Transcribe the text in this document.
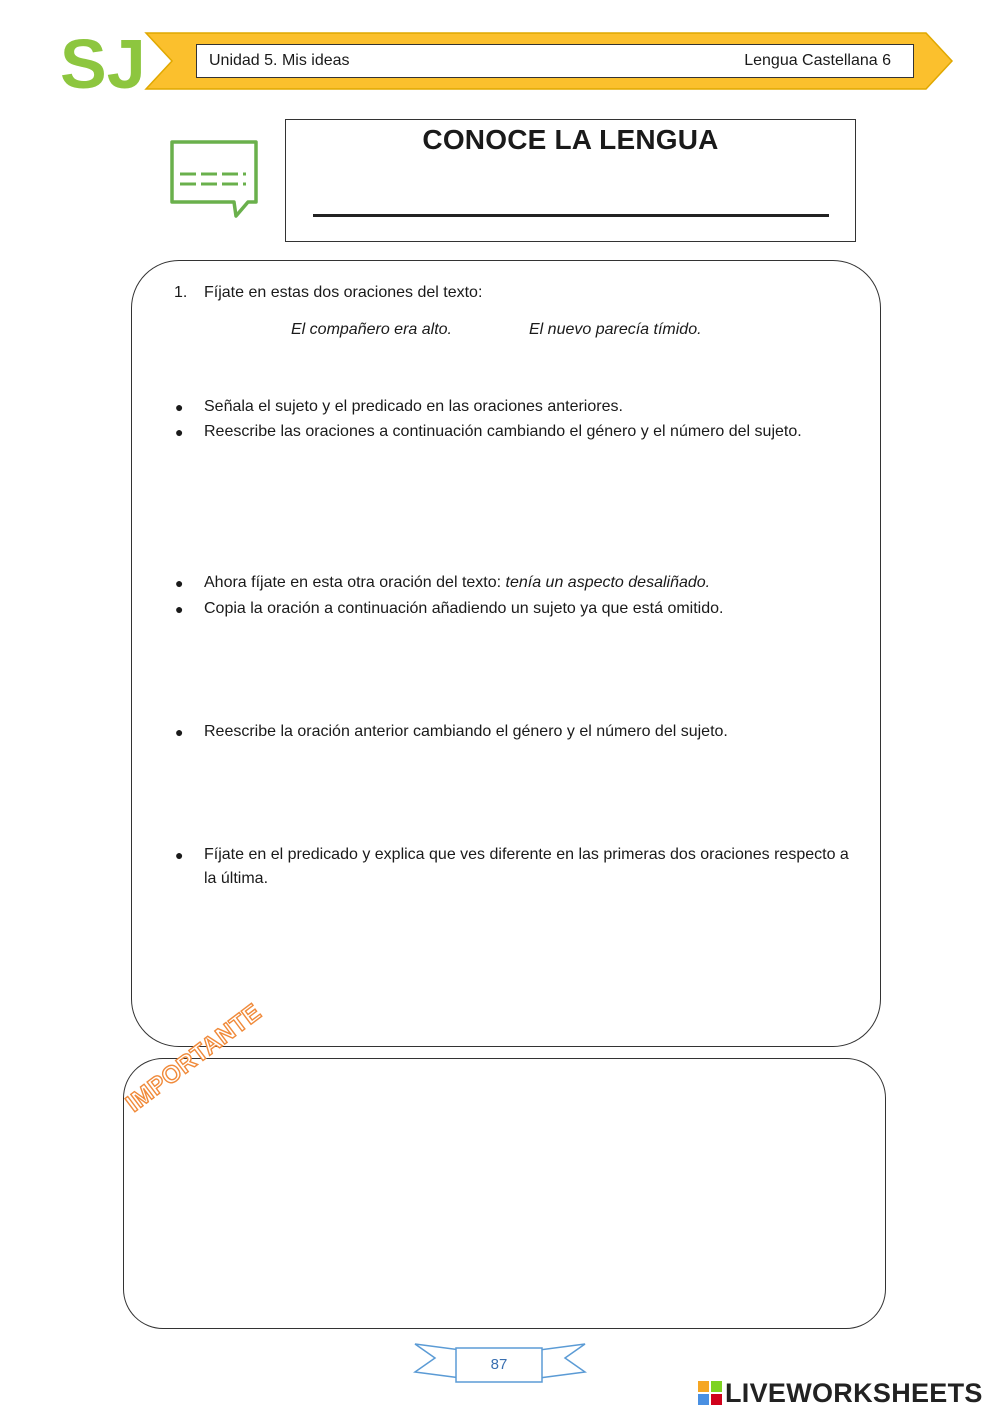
SJ	Unidad 5. Mis ideas	Lengua Castellana 6
CONOCE LA LENGUA
1. Fíjate en estas dos oraciones del texto:
El compañero era alto.	El nuevo parecía tímido.
● Señala el sujeto y el predicado en las oraciones anteriores.
● Reescribe las oraciones a continuación cambiando el género y el número del sujeto.
● Ahora fíjate en esta otra oración del texto: tenía un aspecto desaliñado.
● Copia la oración a continuación añadiendo un sujeto ya que está omitido.
● Reescribe la oración anterior cambiando el género y el número del sujeto.
● Fíjate en el predicado y explica que ves diferente en las primeras dos oraciones respecto a la última.
IMPORTANTE
87
LIVEWORKSHEETS
